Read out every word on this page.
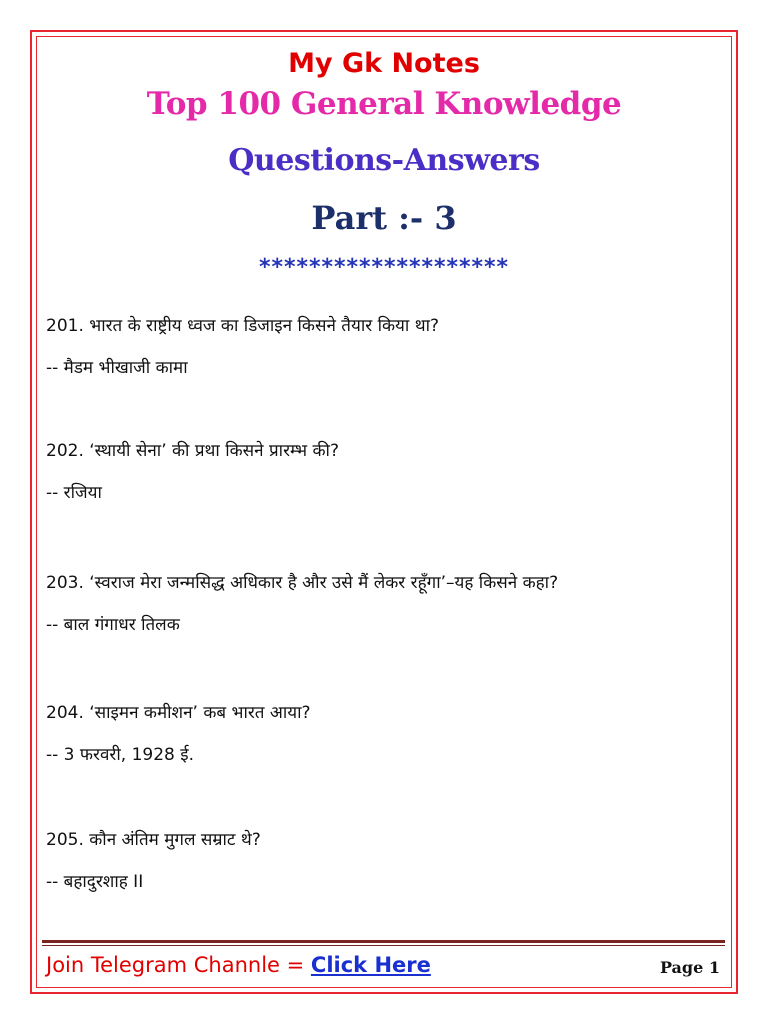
My Gk Notes
Top 100 General Knowledge
Questions-Answers
Part :- 3
********************
201. भारत के राष्ट्रीय ध्वज का डिजाइन किसने तैयार किया था?
-- मैडम भीखाजी कामा
202. ‘स्थायी सेना’ की प्रथा किसने प्रारम्भ की?
-- रजिया
203. ‘स्वराज मेरा जन्मसिद्ध अधिकार है और उसे मैं लेकर रहूँगा’–यह किसने कहा?
-- बाल गंगाधर तिलक
204. ‘साइमन कमीशन’ कब भारत आया?
-- 3 फरवरी, 1928 ई.
205. कौन अंतिम मुगल सम्राट थे?
-- बहादुरशाह II
Join Telegram Channle = Click Here	Page 1
